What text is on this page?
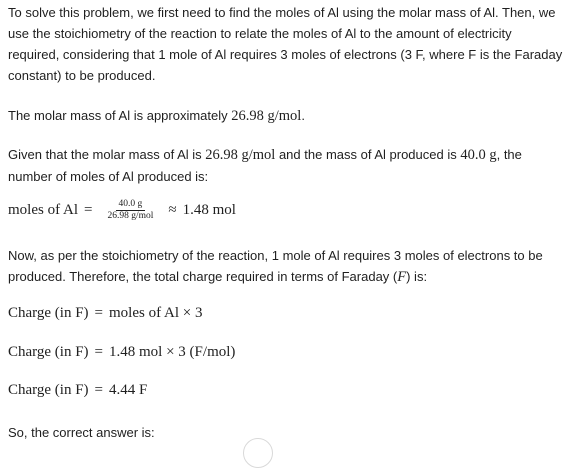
To solve this problem, we first need to find the moles of Al using the molar mass of Al. Then, we use the stoichiometry of the reaction to relate the moles of Al to the amount of electricity required, considering that 1 mole of Al requires 3 moles of electrons (3 F, where F is the Faraday constant) to be produced.

The molar mass of Al is approximately 26.98 g/mol.

Given that the molar mass of Al is 26.98 g/mol and the mass of Al produced is 40.0 g, the number of moles of Al produced is:

moles of $Al = \frac{40.0 g}{\text{26.98 g/mol}} \approx 1.48$ mol

Now, as per the stoichiometry of the reaction, 1 mole of Al requires 3 moles of electrons to be produced. Therefore, the total charge required in terms of Faraday (F) is:

Charge (in F) = moles of Al × 3
Charge (in F) = 1.48 mol × 3 (F/mol)
Charge (in F) = 4.44 F

So, the correct answer is:
